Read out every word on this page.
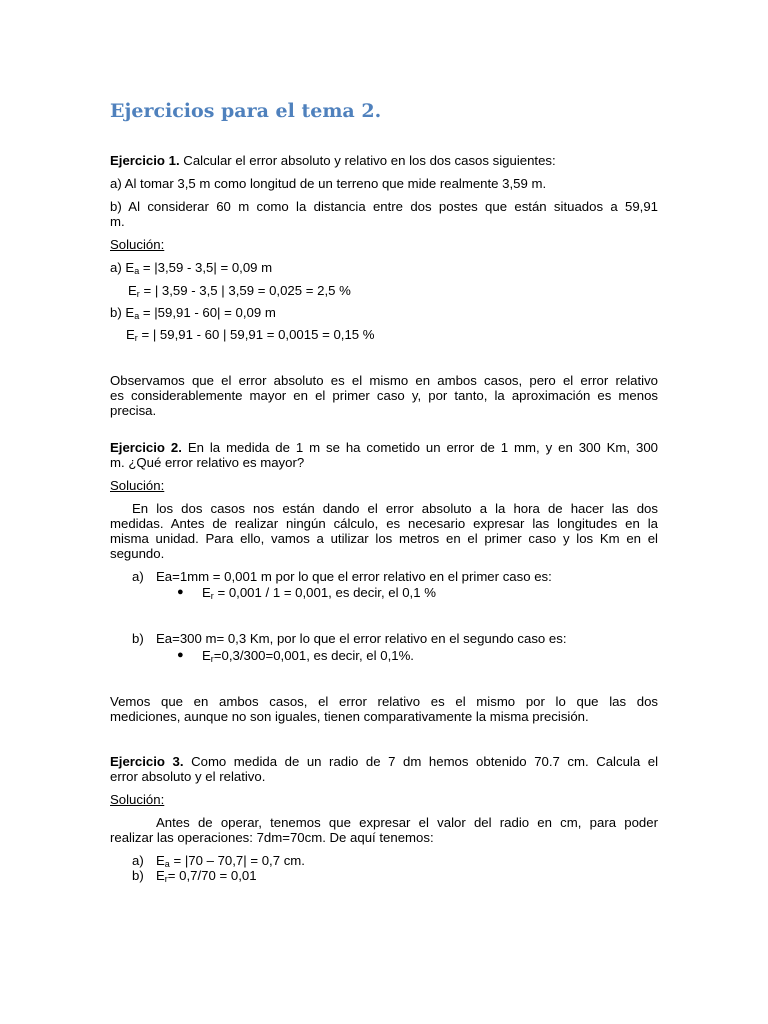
Ejercicios para el tema 2.
Ejercicio 1. Calcular el error absoluto y relativo en los dos casos siguientes:
a) Al tomar 3,5 m como longitud de un terreno que mide realmente 3,59 m.
b) Al considerar 60 m como la distancia entre dos postes que están situados a 59,91
m.
Solución:
a) $E_a = |3,59 - 3,5| = 0,09$ m
$E_r$ = | 3,59 - 3,5 | 3,59 = 0,025 = 2,5 %
b) $E_a = |59,91 - 60| = 0,09$ m
$E_r$ = | 59,91 - 60 | 59,91 = 0,0015 = 0,15 %
Observamos que el error absoluto es el mismo en ambos casos, pero el error relativo
es considerablemente mayor en el primer caso y, por tanto, la aproximación es menos
precisa.
Ejercicio 2. En la medida de 1 m se ha cometido un error de 1 mm, y en 300 Km, 300
m. ¿Qué error relativo es mayor?
Solución:
En los dos casos nos están dando el error absoluto a la hora de hacer las dos
medidas. Antes de realizar ningún cálculo, es necesario expresar las longitudes en la
misma unidad. Para ello, vamos a utilizar los metros en el primer caso y los Km en el
segundo.
a) Ea=1mm = 0,001 m por lo que el error relativo en el primer caso es:
● $E_r = 0,001 / 1 = 0,001$, es decir, el 0,1 %
b) Ea=300 m= 0,3 Km, por lo que el error relativo en el segundo caso es:
● $E_r=0,3/300=0,001$, es decir, el 0,1%.
Vemos que en ambos casos, el error relativo es el mismo por lo que las dos
mediciones, aunque no son iguales, tienen comparativamente la misma precisión.
Ejercicio 3. Como medida de un radio de 7 dm hemos obtenido 70.7 cm. Calcula el
error absoluto y el relativo.
Solución:
Antes de operar, tenemos que expresar el valor del radio en cm, para poder
realizar las operaciones: 7dm=70cm. De aquí tenemos:
a) $E_a = |70 - 70,7| = 0,7$ cm.
b) $E_r= 0,7/70 = 0,01$
